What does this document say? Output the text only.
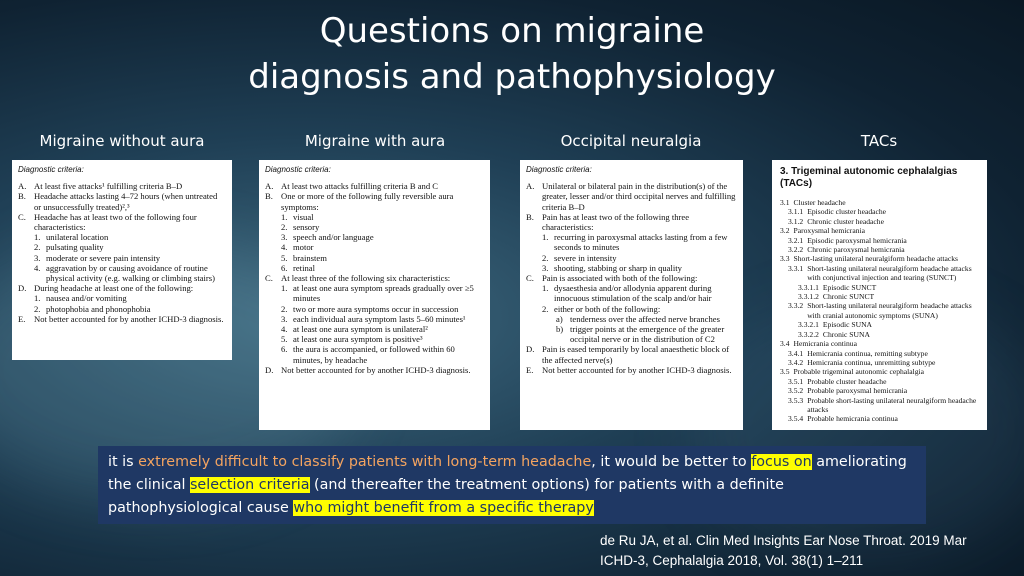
Questions on migraine
diagnosis and pathophysiology
Migraine without aura	Migraine with aura	Occipital neuralgia	TACs
Diagnostic criteria:
A. At least five attacks¹ fulfilling criteria B–D
B. Headache attacks lasting 4–72 hours (when untreated or unsuccessfully treated)²,³
C. Headache has at least two of the following four characteristics:
1. unilateral location
2. pulsating quality
3. moderate or severe pain intensity
4. aggravation by or causing avoidance of routine physical activity (e.g. walking or climbing stairs)
D. During headache at least one of the following:
1. nausea and/or vomiting
2. photophobia and phonophobia
E. Not better accounted for by another ICHD-3 diagnosis.
Diagnostic criteria:
A. At least two attacks fulfilling criteria B and C
B. One or more of the following fully reversible aura symptoms:
1. visual
2. sensory
3. speech and/or language
4. motor
5. brainstem
6. retinal
C. At least three of the following six characteristics:
1. at least one aura symptom spreads gradually over ≥5 minutes
2. two or more aura symptoms occur in succession
3. each individual aura symptom lasts 5–60 minutes¹
4. at least one aura symptom is unilateral²
5. at least one aura symptom is positive³
6. the aura is accompanied, or followed within 60 minutes, by headache
D. Not better accounted for by another ICHD-3 diagnosis.
Diagnostic criteria:
A. Unilateral or bilateral pain in the distribution(s) of the greater, lesser and/or third occipital nerves and fulfilling criteria B–D
B. Pain has at least two of the following three characteristics:
1. recurring in paroxysmal attacks lasting from a few seconds to minutes
2. severe in intensity
3. shooting, stabbing or sharp in quality
C. Pain is associated with both of the following:
1. dysaesthesia and/or allodynia apparent during innocuous stimulation of the scalp and/or hair
2. either or both of the following:
a) tenderness over the affected nerve branches
b) trigger points at the emergence of the greater occipital nerve or in the distribution of C2
D. Pain is eased temporarily by local anaesthetic block of the affected nerve(s)
E. Not better accounted for by another ICHD-3 diagnosis.
3. Trigeminal autonomic cephalalgias (TACs)
3.1 Cluster headache
3.1.1 Episodic cluster headache
3.1.2 Chronic cluster headache
3.2 Paroxysmal hemicrania
3.2.1 Episodic paroxysmal hemicrania
3.2.2 Chronic paroxysmal hemicrania
3.3 Short-lasting unilateral neuralgiform headache attacks
3.3.1 Short-lasting unilateral neuralgiform headache attacks with conjunctival injection and tearing (SUNCT)
3.3.1.1 Episodic SUNCT
3.3.1.2 Chronic SUNCT
3.3.2 Short-lasting unilateral neuralgiform headache attacks with cranial autonomic symptoms (SUNA)
3.3.2.1 Episodic SUNA
3.3.2.2 Chronic SUNA
3.4 Hemicrania continua
3.4.1 Hemicrania continua, remitting subtype
3.4.2 Hemicrania continua, unremitting subtype
3.5 Probable trigeminal autonomic cephalalgia
3.5.1 Probable cluster headache
3.5.2 Probable paroxysmal hemicrania
3.5.3 Probable short-lasting unilateral neuralgiform headache attacks
3.5.4 Probable hemicrania continua
it is extremely difficult to classify patients with long-term headache, it would be better to focus on ameliorating the clinical selection criteria (and thereafter the treatment options) for patients with a definite pathophysiological cause who might benefit from a specific therapy
de Ru JA, et al. Clin Med Insights Ear Nose Throat. 2019 Mar
ICHD-3, Cephalalgia 2018, Vol. 38(1) 1–211
